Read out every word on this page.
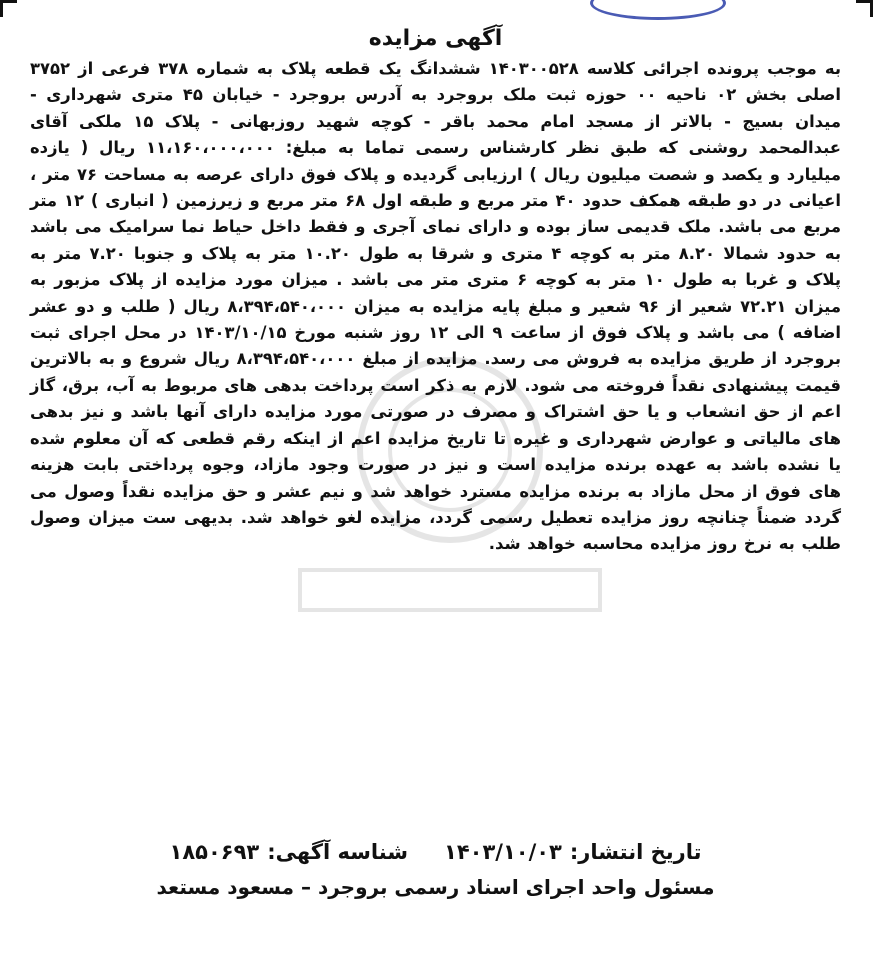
آگهی مزایده

به موجب پرونده اجرائی کلاسه ۱۴۰۳۰۰۵۲۸ ششدانگ یک قطعه پلاک به شماره ۳۷۸ فرعی از ۳۷۵۲ اصلی بخش ۰۲ ناحیه ۰۰ حوزه ثبت ملک بروجرد به آدرس بروجرد - خیابان ۴۵ متری شهرداری - میدان بسیج - بالاتر از مسجد امام محمد باقر - کوچه شهید روزبهانی - پلاک ۱۵ ملکی آقای عبدالمحمد روشنی که طبق نظر کارشناس رسمی تماما به مبلغ: ۱۱،۱۶۰،۰۰۰،۰۰۰ ریال ( یازده میلیارد و یکصد و شصت میلیون ریال ) ارزیابی گردیده و پلاک فوق دارای عرصه به مساحت ۷۶ متر ، اعیانی در دو طبقه همکف حدود ۴۰ متر مربع و طبقه اول ۶۸ متر مربع و زیرزمین ( انباری ) ۱۲ متر مربع می باشد. ملک قدیمی ساز بوده و دارای نمای آجری و فقط داخل حیاط نما سرامیک می باشد به حدود شمالا ۸.۲۰ متر به کوچه ۴ متری و شرقا به طول ۱۰.۲۰ متر به پلاک و جنوبا ۷.۲۰ متر به پلاک و غربا به طول ۱۰ متر به کوچه ۶ متری متر می باشد . میزان مورد مزایده از پلاک مزبور به میزان ۷۲.۲۱ شعیر از ۹۶ شعیر و مبلغ پایه مزایده به میزان ۸،۳۹۴،۵۴۰،۰۰۰ ریال ( طلب و دو عشر اضافه ) می باشد و پلاک فوق از ساعت ۹ الی ۱۲ روز شنبه مورخ ۱۴۰۳/۱۰/۱۵ در محل اجرای ثبت بروجرد از طریق مزایده به فروش می رسد. مزایده از مبلغ ۸،۳۹۴،۵۴۰،۰۰۰ ریال شروع و به بالاترین قیمت پیشنهادی نقداً فروخته می شود. لازم به ذکر است پرداخت بدهی های مربوط به آب، برق، گاز اعم از حق انشعاب و یا حق اشتراک و مصرف در صورتی مورد مزایده دارای آنها باشد و نیز بدهی های مالیاتی و عوارض شهرداری و غیره تا تاریخ مزایده اعم از اینکه رقم قطعی که آن معلوم شده یا نشده باشد به عهده برنده مزایده است و نیز در صورت وجود مازاد، وجوه پرداختی بابت هزینه های فوق از محل مازاد به برنده مزایده مسترد خواهد شد و نیم عشر و حق مزایده نقداً وصول می گردد ضمناً چنانچه روز مزایده تعطیل رسمی گردد، مزایده لغو خواهد شد. بدیهی ست میزان وصول طلب به نرخ روز مزایده محاسبه خواهد شد.

تاریخ انتشار:
۱۴۰۳/۱۰/۰۳
شناسه آگهی:
۱۸۵۰۶۹۳
مسئول واحد اجرای اسناد رسمی بروجرد – مسعود مستعد
